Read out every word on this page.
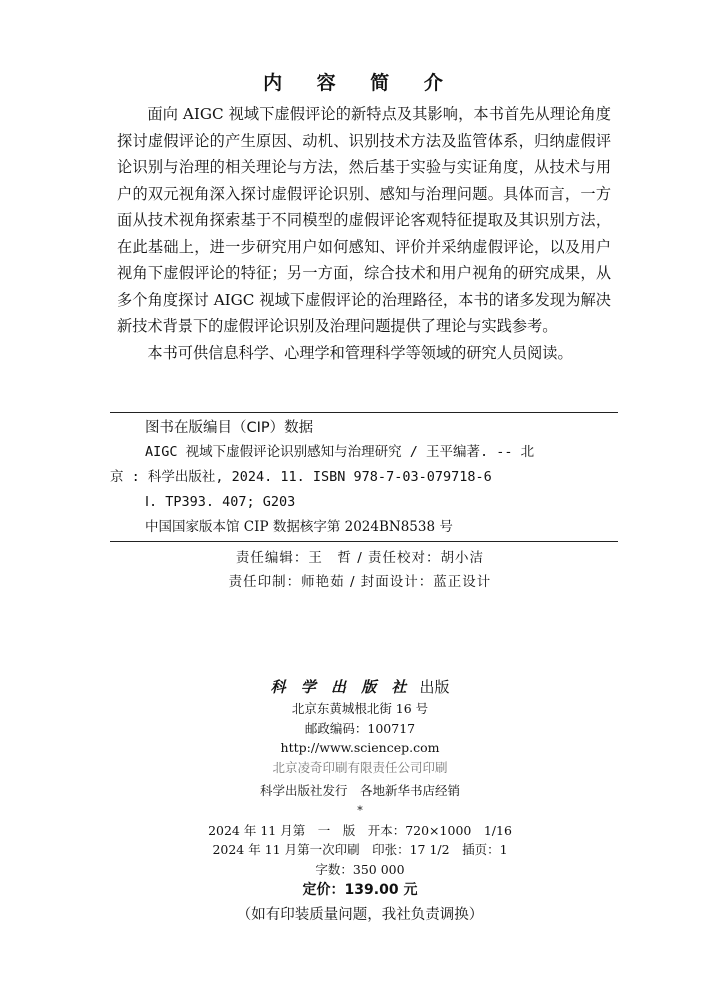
内 容 简 介

面向 AIGC 视域下虚假评论的新特点及其影响，本书首先从理论角度探讨虚假评论的产生原因、动机、识别技术方法及监管体系，归纳虚假评论识别与治理的相关理论与方法，然后基于实验与实证角度，从技术与用户的双元视角深入探讨虚假评论识别、感知与治理问题。具体而言，一方面从技术视角探索基于不同模型的虚假评论客观特征提取及其识别方法，在此基础上，进一步研究用户如何感知、评价并采纳虚假评论，以及用户视角下虚假评论的特征；另一方面，综合技术和用户视角的研究成果，从多个角度探讨 AIGC 视域下虚假评论的治理路径，本书的诸多发现为解决新技术背景下的虚假评论识别及治理问题提供了理论与实践参考。

本书可供信息科学、心理学和管理科学等领域的研究人员阅读。

图书在版编目（CIP）数据
AIGC 视域下虚假评论识别感知与治理研究 / 王平编著. -- 北
京 : 科学出版社, 2024. 11. ISBN 978-7-03-079718-6
Ⅰ. TP393. 407; G203
中国国家版本馆 CIP 数据核字第 2024BN8538 号
责任编辑：王　哲 / 责任校对：胡小洁
责任印制：师艳茹 / 封面设计：蓝正设计
科 学 出 版 社 出版
北京东黄城根北街 16 号
邮政编码：100717
http://www.sciencep.com
北京凌奇印刷有限责任公司印刷
科学出版社发行　各地新华书店经销
*
2024 年 11 月第　一　版　开本：720×1000　1/16
2024 年 11 月第一次印刷　印张：17 1/2　插页：1
字数：350 000
定价：139.00 元
（如有印装质量问题，我社负责调换）
